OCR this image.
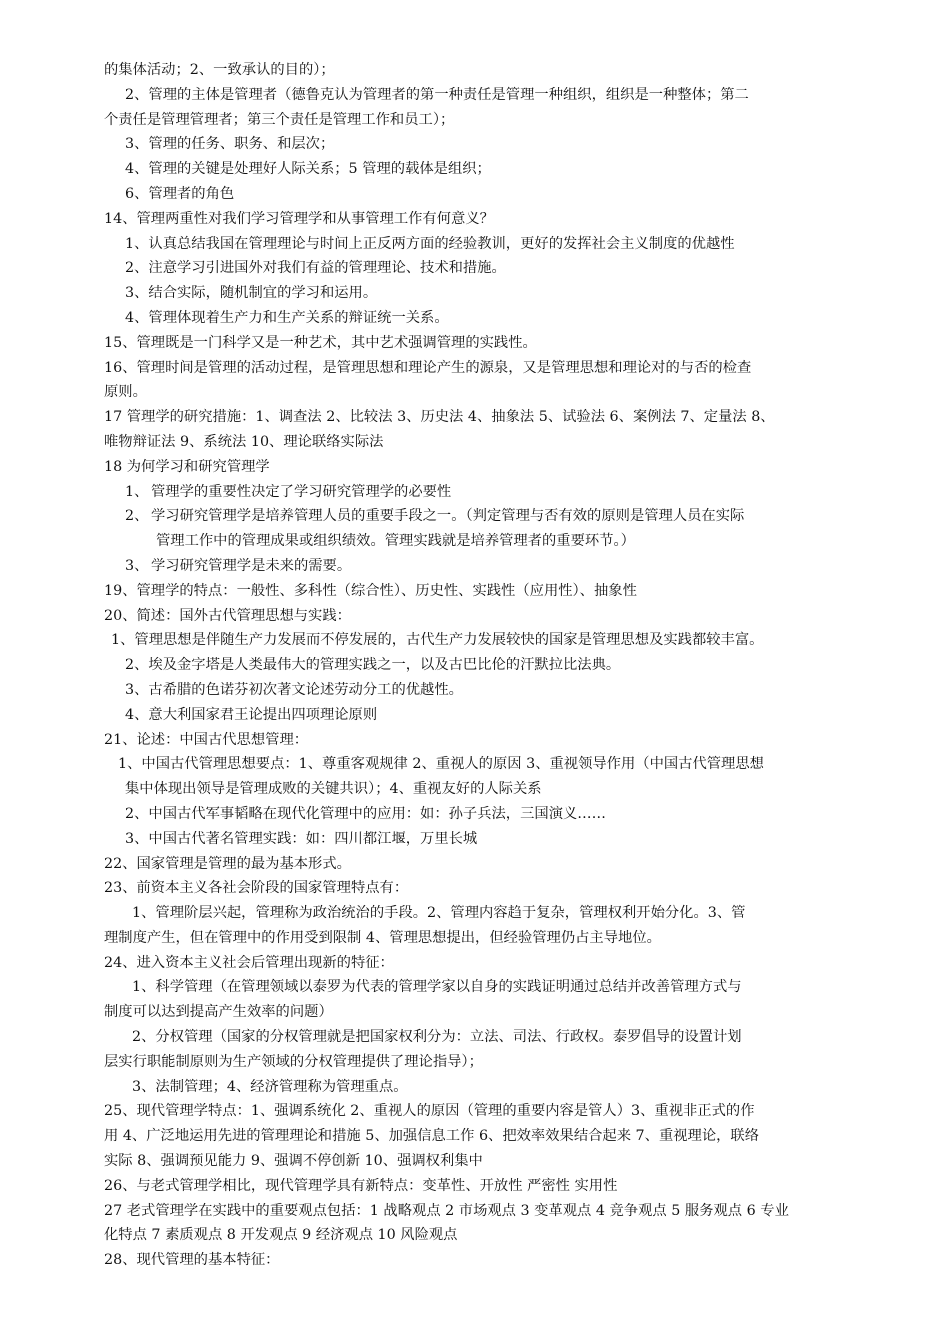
的集体活动；2、一致承认的目的）；
2、管理的主体是管理者（德鲁克认为管理者的第一种责任是管理一种组织，组织是一种整体；第二
个责任是管理管理者；第三个责任是管理工作和员工）；
3、管理的任务、职务、和层次；
4、管理的关键是处理好人际关系；5 管理的载体是组织；
6、管理者的角色
14、管理两重性对我们学习管理学和从事管理工作有何意义？
1、认真总结我国在管理理论与时间上正反两方面的经验教训，更好的发挥社会主义制度的优越性
2、注意学习引进国外对我们有益的管理理论、技术和措施。
3、结合实际，随机制宜的学习和运用。
4、管理体现着生产力和生产关系的辩证统一关系。
15、管理既是一门科学又是一种艺术，其中艺术强调管理的实践性。
16、管理时间是管理的活动过程，是管理思想和理论产生的源泉，又是管理思想和理论对的与否的检查
原则。
17 管理学的研究措施：1、调查法 2、比较法 3、历史法 4、抽象法 5、试验法 6、案例法 7、定量法 8、
唯物辩证法 9、系统法 10、理论联络实际法
18 为何学习和研究管理学
1、 管理学的重要性决定了学习研究管理学的必要性
2、 学习研究管理学是培养管理人员的重要手段之一。（判定管理与否有效的原则是管理人员在实际
管理工作中的管理成果或组织绩效。管理实践就是培养管理者的重要环节。）
3、 学习研究管理学是未来的需要。
19、管理学的特点：一般性、多科性（综合性）、历史性、实践性（应用性）、抽象性
20、简述：国外古代管理思想与实践：
1、管理思想是伴随生产力发展而不停发展的，古代生产力发展较快的国家是管理思想及实践都较丰富。
2、埃及金字塔是人类最伟大的管理实践之一，以及古巴比伦的汗默拉比法典。
3、古希腊的色诺芬初次著文论述劳动分工的优越性。
4、意大利国家君王论提出四项理论原则
21、论述：中国古代思想管理：
1、中国古代管理思想要点：1、尊重客观规律 2、重视人的原因 3、重视领导作用（中国古代管理思想
集中体现出领导是管理成败的关键共识）；4、重视友好的人际关系
2、中国古代军事韬略在现代化管理中的应用：如：孙子兵法，三国演义……
3、中国古代著名管理实践：如：四川都江堰，万里长城
22、国家管理是管理的最为基本形式。
23、前资本主义各社会阶段的国家管理特点有：
1、管理阶层兴起，管理称为政治统治的手段。2、管理内容趋于复杂，管理权利开始分化。3、管
理制度产生，但在管理中的作用受到限制 4、管理思想提出，但经验管理仍占主导地位。
24、进入资本主义社会后管理出现新的特征：
1、科学管理（在管理领域以泰罗为代表的管理学家以自身的实践证明通过总结并改善管理方式与
制度可以达到提高产生效率的问题）
2、分权管理（国家的分权管理就是把国家权利分为：立法、司法、行政权。泰罗倡导的设置计划
层实行职能制原则为生产领域的分权管理提供了理论指导）；
3、法制管理；4、经济管理称为管理重点。
25、现代管理学特点：1、强调系统化 2、重视人的原因（管理的重要内容是管人）3、重视非正式的作
用 4、广泛地运用先进的管理理论和措施 5、加强信息工作 6、把效率效果结合起来 7、重视理论，联络
实际 8、强调预见能力 9、强调不停创新 10、强调权利集中
26、与老式管理学相比，现代管理学具有新特点：变革性、开放性 严密性 实用性
27 老式管理学在实践中的重要观点包括：1 战略观点 2 市场观点 3 变革观点 4 竞争观点 5 服务观点 6 专业
化特点 7 素质观点 8 开发观点 9 经济观点 10 风险观点
28、现代管理的基本特征：
